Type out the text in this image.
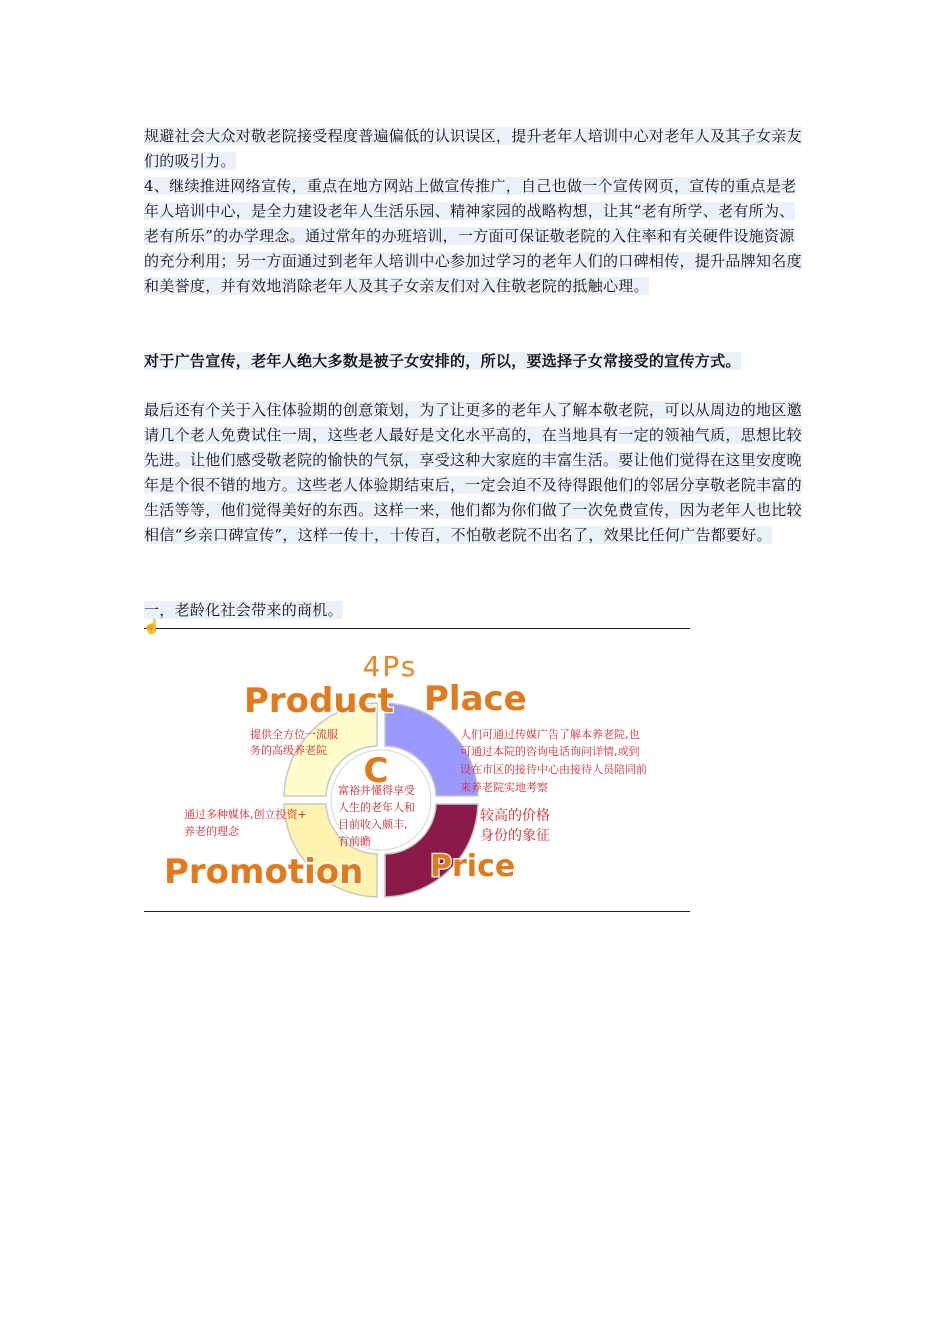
规避社会大众对敬老院接受程度普遍偏低的认识误区，提升老年人培训中心对老年人及其子女亲友们的吸引力。
4、继续推进网络宣传，重点在地方网站上做宣传推广，自己也做一个宣传网页，宣传的重点是老年人培训中心，是全力建设老年人生活乐园、精神家园的战略构想，让其“老有所学、老有所为、老有所乐”的办学理念。通过常年的办班培训，一方面可保证敬老院的入住率和有关硬件设施资源的充分利用；另一方面通过到老年人培训中心参加过学习的老年人们的口碑相传，提升品牌知名度和美誉度，并有效地消除老年人及其子女亲友们对入住敬老院的抵触心理。
对于广告宣传，老年人绝大多数是被子女安排的，所以，要选择子女常接受的宣传方式。
最后还有个关于入住体验期的创意策划，为了让更多的老年人了解本敬老院，可以从周边的地区邀请几个老人免费试住一周，这些老人最好是文化水平高的，在当地具有一定的领袖气质，思想比较先进。让他们感受敬老院的愉快的气氛，享受这种大家庭的丰富生活。要让他们觉得在这里安度晚年是个很不错的地方。这些老人体验期结束后，一定会迫不及待得跟他们的邻居分享敬老院丰富的生活等等，他们觉得美好的东西。这样一来，他们都为你们做了一次免费宣传，因为老年人也比较相信“乡亲口碑宣传”，这样一传十，十传百，不怕敬老院不出名了，效果比任何广告都要好。
一，老龄化社会带来的商机。
☝
4Ps
Product Place
Promotion Price
C
提供全方位一流服
务的高级养老院
人们可通过传媒广告了解本养老院,也
可通过本院的咨询电话询问详情,或到
设在市区的接待中心由接待人员陪同前
来养老院实地考察
通过多种媒体,创立投资+
养老的理念
较高的价格
身份的象征
富裕并懂得享受
人生的老年人和
目前收入颇丰,
有前瞻
